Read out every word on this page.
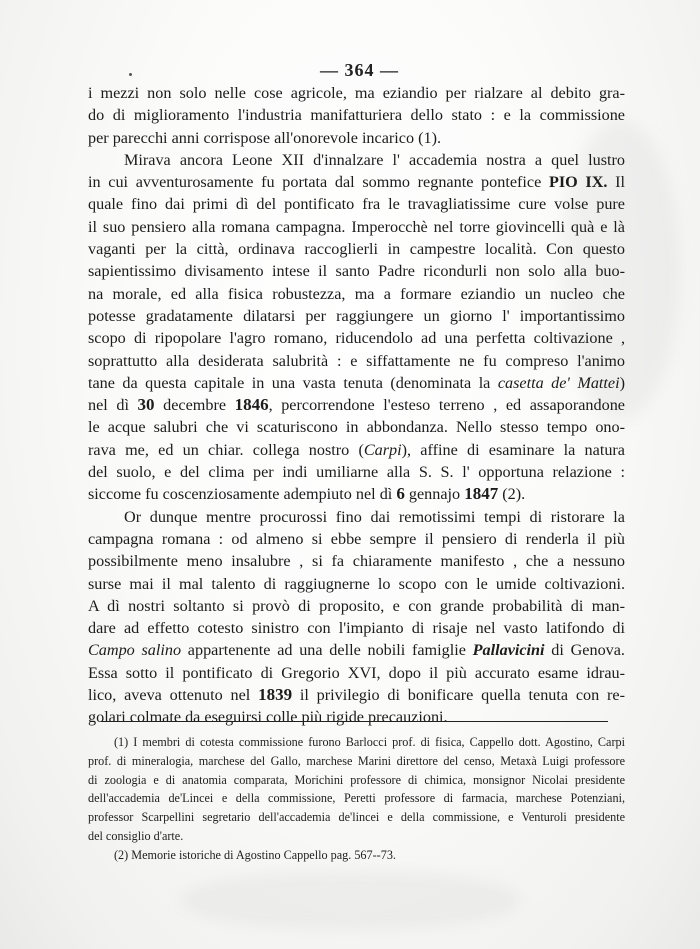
— 364 —
i mezzi non solo nelle cose agricole, ma eziandio per rialzare al debito gra-
do di miglioramento l'industria manifatturiera dello stato : e la commissione
per parecchi anni corrispose all'onorevole incarico (1).
Mirava ancora Leone XII d'innalzare l' accademia nostra a quel lustro
in cui avventurosamente fu portata dal sommo regnante pontefice PIO IX. Il
quale fino dai primi dì del pontificato fra le travagliatissime cure volse pure
il suo pensiero alla romana campagna. Imperocchè nel torre giovincelli quà e là
vaganti per la città, ordinava raccoglierli in campestre località. Con questo
sapientissimo divisamento intese il santo Padre ricondurli non solo alla buo-
na morale, ed alla fisica robustezza, ma a formare eziandio un nucleo che
potesse gradatamente dilatarsi per raggiungere un giorno l' importantissimo
scopo di ripopolare l'agro romano, riducendolo ad una perfetta coltivazione ,
soprattutto alla desiderata salubrità : e siffattamente ne fu compreso l'animo
tane da questa capitale in una vasta tenuta (denominata la casetta de' Mattei)
nel dì 30 decembre 1846, percorrendone l'esteso terreno , ed assaporandone
le acque salubri che vi scaturiscono in abbondanza. Nello stesso tempo ono-
rava me, ed un chiar. collega nostro (Carpi), affine di esaminare la natura
del suolo, e del clima per indi umiliarne alla S. S. l' opportuna relazione :
siccome fu coscenziosamente adempiuto nel dì 6 gennajo 1847 (2).
Or dunque mentre procurossi fino dai remotissimi tempi di ristorare la
campagna romana : od almeno si ebbe sempre il pensiero di renderla il più
possibilmente meno insalubre , si fa chiaramente manifesto , che a nessuno
surse mai il mal talento di raggiugnerne lo scopo con le umide coltivazioni.
A dì nostri soltanto si provò di proposito, e con grande probabilità di man-
dare ad effetto cotesto sinistro con l'impianto di risaje nel vasto latifondo di
Campo salino appartenente ad una delle nobili famiglie Pallavicini di Genova.
Essa sotto il pontificato di Gregorio XVI, dopo il più accurato esame idrau-
lico, aveva ottenuto nel 1839 il privilegio di bonificare quella tenuta con re-
golari colmate da eseguirsi colle più rigide precauzioni.
(1) I membri di cotesta commissione furono Barlocci prof. di fisica, Cappello dott. Agostino, Carpi
prof. di mineralogia, marchese del Gallo, marchese Marini direttore del censo, Metaxà Luigi professore
di zoologia e di anatomia comparata, Morichini professore di chimica, monsignor Nicolai presidente
dell'accademia de'Lincei e della commissione, Peretti professore di farmacia, marchese Potenziani,
professor Scarpellini segretario dell'accademia de'lincei e della commissione, e Venturoli presidente
del consiglio d'arte.
(2) Memorie istoriche di Agostino Cappello pag. 567--73.
